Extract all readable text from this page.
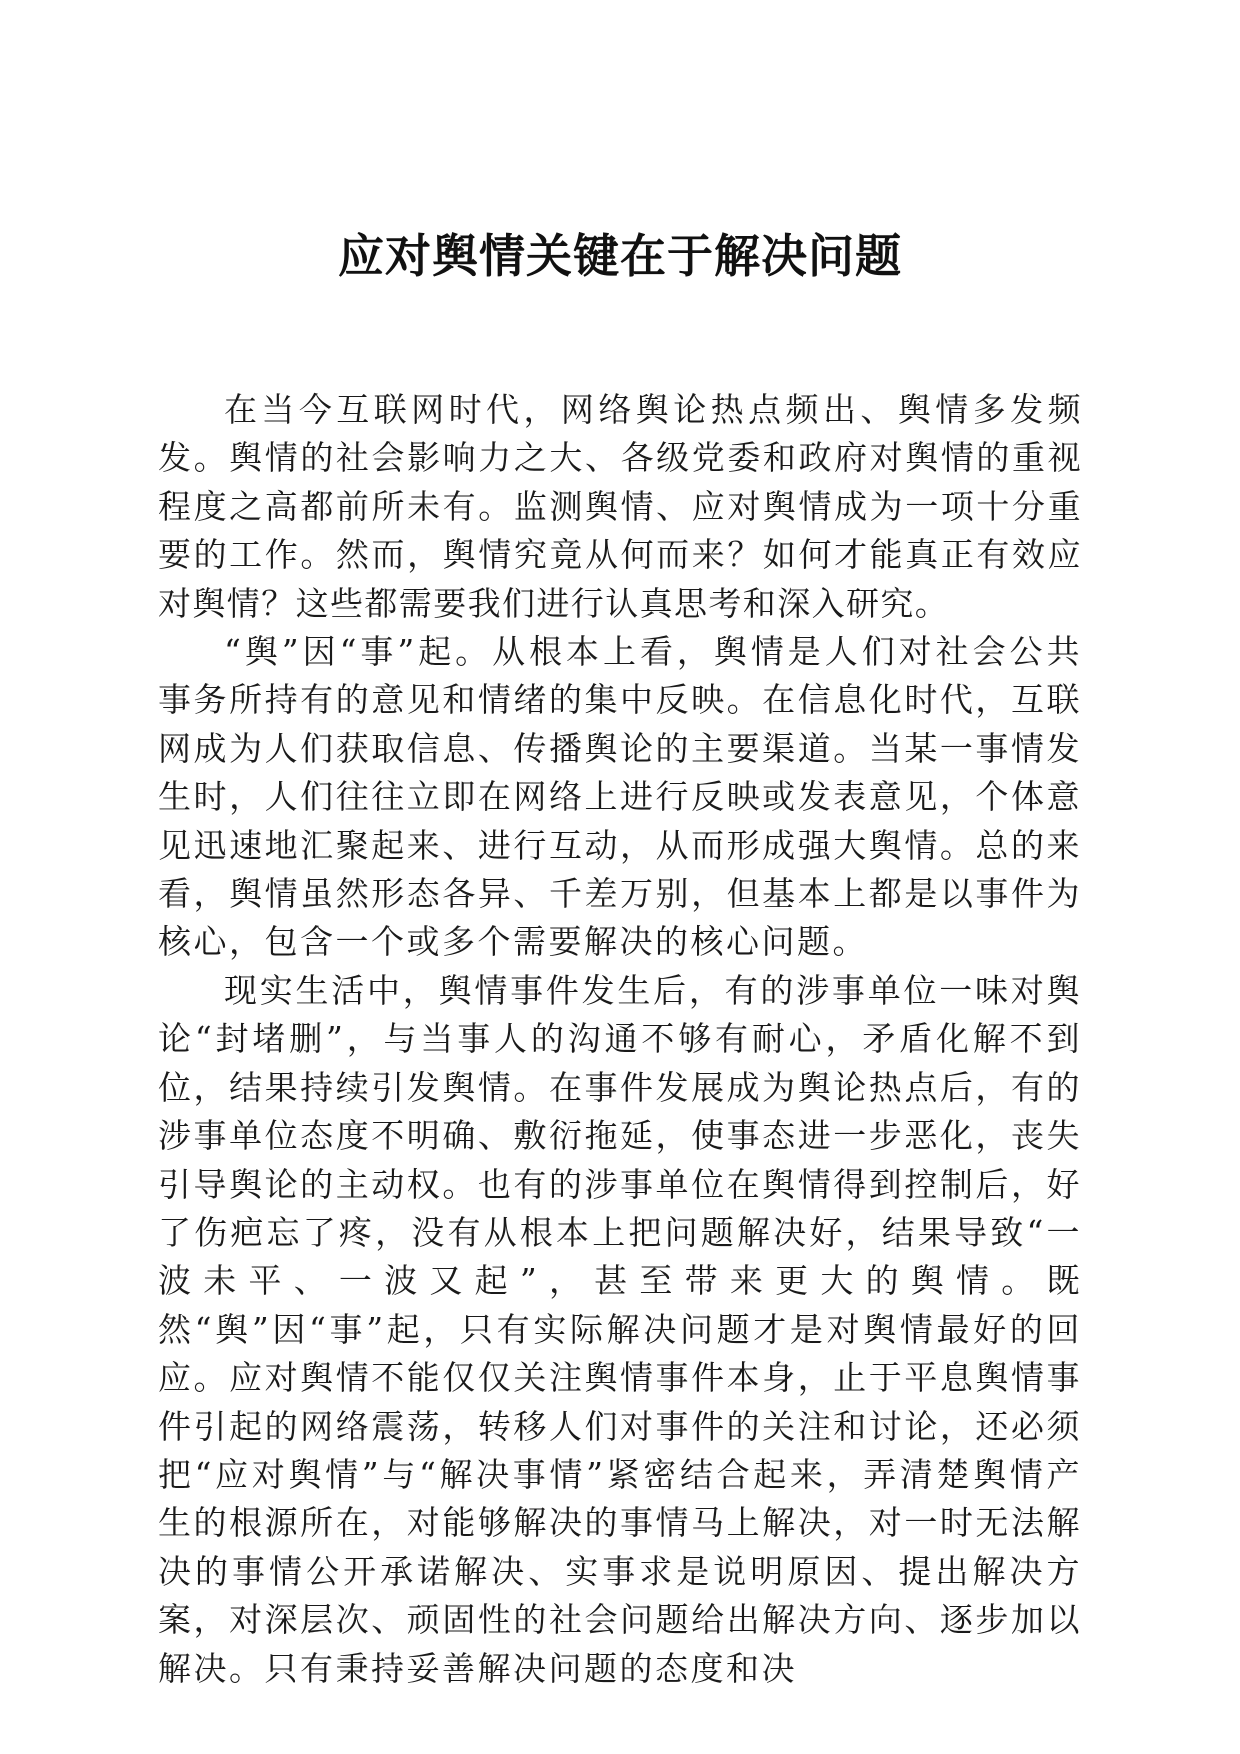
应对舆情关键在于解决问题

在当今互联网时代，网络舆论热点频出、舆情多发频发。舆情的社会影响力之大、各级党委和政府对舆情的重视程度之高都前所未有。监测舆情、应对舆情成为一项十分重要的工作。然而，舆情究竟从何而来？如何才能真正有效应对舆情？这些都需要我们进行认真思考和深入研究。

“舆”因“事”起。从根本上看，舆情是人们对社会公共事务所持有的意见和情绪的集中反映。在信息化时代，互联网成为人们获取信息、传播舆论的主要渠道。当某一事情发生时，人们往往立即在网络上进行反映或发表意见，个体意见迅速地汇聚起来、进行互动，从而形成强大舆情。总的来看，舆情虽然形态各异、千差万别，但基本上都是以事件为核心，包含一个或多个需要解决的核心问题。

现实生活中，舆情事件发生后，有的涉事单位一味对舆论“封堵删”，与当事人的沟通不够有耐心，矛盾化解不到位，结果持续引发舆情。在事件发展成为舆论热点后，有的涉事单位态度不明确、敷衍拖延，使事态进一步恶化，丧失引导舆论的主动权。也有的涉事单位在舆情得到控制后，好了伤疤忘了疼，没有从根本上把问题解决好，结果导致“一波未平、一波又起”，甚至带来更大的舆情。既然“舆”因“事”起，只有实际解决问题才是对舆情最好的回应。应对舆情不能仅仅关注舆情事件本身，止于平息舆情事件引起的网络震荡，转移人们对事件的关注和讨论，还必须把“应对舆情”与“解决事情”紧密结合起来，弄清楚舆情产生的根源所在，对能够解决的事情马上解决，对一时无法解决的事情公开承诺解决、实事求是说明原因、提出解决方案，对深层次、顽固性的社会问题给出解决方向、逐步加以解决。只有秉持妥善解决问题的态度和决
